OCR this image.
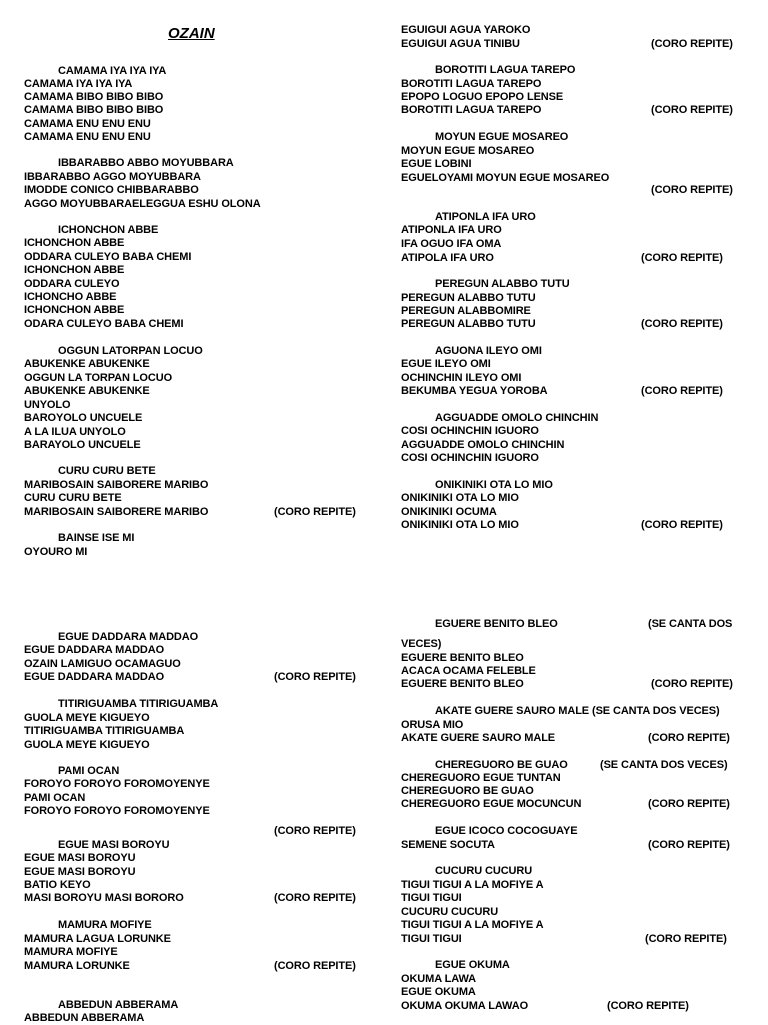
OZAIN
CAMAMA IYA IYA IYA
CAMAMA IYA IYA IYA
CAMAMA BIBO BIBO BIBO
CAMAMA BIBO BIBO BIBO
CAMAMA ENU ENU ENU
CAMAMA ENU ENU ENU
IBBARABBO ABBO MOYUBBARA
IBBARABBO AGGO MOYUBBARA
IMODDE CONICO CHIBBARABBO
AGGO MOYUBBARAELEGGUA ESHU OLONA
ICHONCHON ABBE
ICHONCHON ABBE
ODDARA CULEYO BABA CHEMI
ICHONCHON ABBE
ODDARA CULEYO
ICHONCHO ABBE
ICHONCHON ABBE
ODARA CULEYO BABA CHEMI
OGGUN LATORPAN LOCUO
ABUKENKE ABUKENKE
OGGUN LA TORPAN LOCUO
ABUKENKE ABUKENKE
UNYOLO
BAROYOLO UNCUELE
A LA ILUA UNYOLO
BARAYOLO UNCUELE
CURU CURU BETE
MARIBOSAIN SAIBORERE MARIBO
CURU CURU BETE
MARIBOSAIN SAIBORERE MARIBO	(CORO REPITE)
BAINSE ISE MI
OYOURO MI
EGUE DADDARA MADDAO
EGUE DADDARA MADDAO
OZAIN LAMIGUO OCAMAGUO
EGUE DADDARA MADDAO	(CORO REPITE)
TITIRIGUAMBA TITIRIGUAMBA
GUOLA MEYE KIGUEYO
TITIRIGUAMBA TITIRIGUAMBA
GUOLA MEYE KIGUEYO
PAMI OCAN
FOROYO FOROYO FOROMOYENYE
PAMI OCAN
FOROYO FOROYO FOROMOYENYE
(CORO REPITE)
EGUE MASI BOROYU
EGUE MASI BOROYU
EGUE MASI BOROYU
BATIO KEYO
MASI BOROYU MASI BORORO	(CORO REPITE)
MAMURA MOFIYE
MAMURA LAGUA LORUNKE
MAMURA MOFIYE
MAMURA LORUNKE	(CORO REPITE)
ABBEDUN ABBERAMA
ABBEDUN ABBERAMA
EGUIGUI AGUA YAROKO
EGUIGUI AGUA TINIBU	(CORO REPITE)
BOROTITI LAGUA TAREPO
BOROTITI LAGUA TAREPO
EPOPO LOGUO EPOPO LENSE
BOROTITI LAGUA TAREPO	(CORO REPITE)
MOYUN EGUE MOSAREO
MOYUN EGUE MOSAREO
EGUE LOBINI
EGUELOYAMI MOYUN EGUE MOSAREO
(CORO REPITE)
ATIPONLA IFA URO
ATIPONLA IFA URO
IFA OGUO IFA OMA
ATIPOLA IFA URO	(CORO REPITE)
PEREGUN ALABBO TUTU
PEREGUN ALABBO TUTU
PEREGUN ALABBOMIRE
PEREGUN ALABBO TUTU	(CORO REPITE)
AGUONA ILEYO OMI
EGUE ILEYO OMI
OCHINCHIN ILEYO OMI
BEKUMBA YEGUA YOROBA	(CORO REPITE)
AGGUADDE OMOLO CHINCHIN
COSI OCHINCHIN IGUORO
AGGUADDE OMOLO CHINCHIN
COSI OCHINCHIN IGUORO
ONIKINIKI OTA LO MIO
ONIKINIKI OTA LO MIO
ONIKINIKI OCUMA
ONIKINIKI OTA LO MIO	(CORO REPITE)
EGUERE BENITO BLEO	(SE CANTA DOS
VECES)
EGUERE BENITO BLEO
ACACA OCAMA FELEBLE
EGUERE BENITO BLEO	(CORO REPITE)
AKATE GUERE SAURO MALE (SE CANTA DOS VECES)
ORUSA MIO
AKATE GUERE SAURO MALE	(CORO REPITE)
CHEREGUORO BE GUAO	(SE CANTA DOS VECES)
CHEREGUORO EGUE TUNTAN
CHEREGUORO BE GUAO
CHEREGUORO EGUE MOCUNCUN	(CORO REPITE)
EGUE ICOCO COCOGUAYE
SEMENE SOCUTA	(CORO REPITE)
CUCURU CUCURU
TIGUI TIGUI A LA MOFIYE A
TIGUI TIGUI
CUCURU CUCURU
TIGUI TIGUI A LA MOFIYE A
TIGUI TIGUI	(CORO REPITE)
EGUE OKUMA
OKUMA LAWA
EGUE OKUMA
OKUMA OKUMA LAWAO	(CORO REPITE)
